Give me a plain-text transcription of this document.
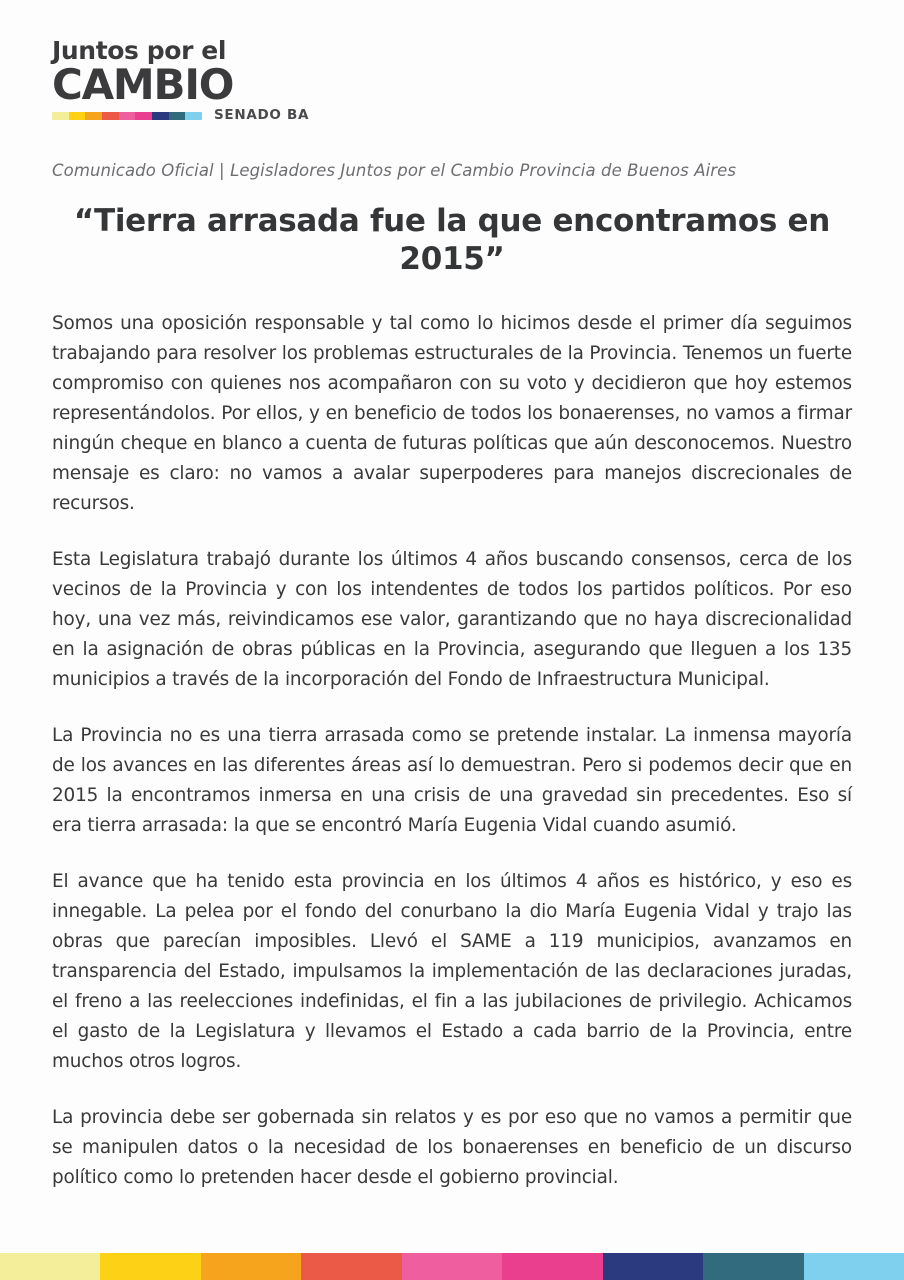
Juntos por el
CAMBIO
SENADO BA
Comunicado Oficial | Legisladores Juntos por el Cambio Provincia de Buenos Aires
“Tierra arrasada fue la que encontramos en 2015”

Somos una oposición responsable y tal como lo hicimos desde el primer día seguimos trabajando para resolver los problemas estructurales de la Provincia. Tenemos un fuerte compromiso con quienes nos acompañaron con su voto y decidieron que hoy estemos representándolos. Por ellos, y en beneficio de todos los bonaerenses, no vamos a firmar ningún cheque en blanco a cuenta de futuras políticas que aún desconocemos. Nuestro mensaje es claro: no vamos a avalar superpoderes para manejos discrecionales de recursos.

Esta Legislatura trabajó durante los últimos 4 años buscando consensos, cerca de los vecinos de la Provincia y con los intendentes de todos los partidos políticos. Por eso hoy, una vez más, reivindicamos ese valor, garantizando que no haya discrecionalidad en la asignación de obras públicas en la Provincia, asegurando que lleguen a los 135 municipios a través de la incorporación del Fondo de Infraestructura Municipal.

La Provincia no es una tierra arrasada como se pretende instalar. La inmensa mayoría de los avances en las diferentes áreas así lo demuestran. Pero si podemos decir que en 2015 la encontramos inmersa en una crisis de una gravedad sin precedentes. Eso sí era tierra arrasada: la que se encontró María Eugenia Vidal cuando asumió.

El avance que ha tenido esta provincia en los últimos 4 años es histórico, y eso es innegable. La pelea por el fondo del conurbano la dio María Eugenia Vidal y trajo las obras que parecían imposibles. Llevó el SAME a 119 municipios, avanzamos en transparencia del Estado, impulsamos la implementación de las declaraciones juradas, el freno a las reelecciones indefinidas, el fin a las jubilaciones de privilegio. Achicamos el gasto de la Legislatura y llevamos el Estado a cada barrio de la Provincia, entre muchos otros logros.

La provincia debe ser gobernada sin relatos y es por eso que no vamos a permitir que se manipulen datos o la necesidad de los bonaerenses en beneficio de un discurso político como lo pretenden hacer desde el gobierno provincial.
